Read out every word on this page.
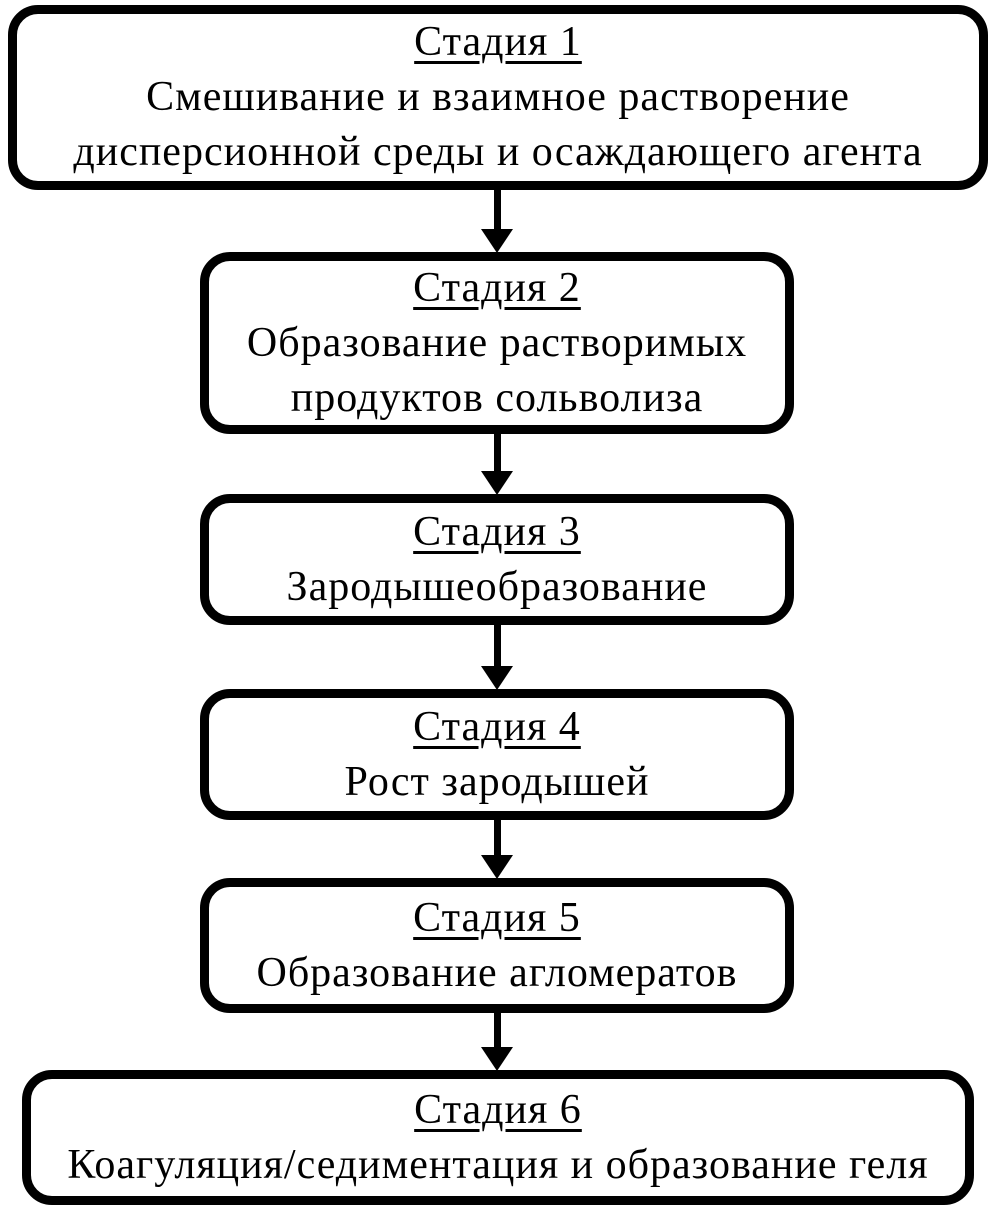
Стадия 1
Смешивание и взаимное растворение
дисперсионной среды и осаждающего агента
Стадия 2
Образование растворимых
продуктов сольволиза
Стадия 3
Зародышеобразование
Стадия 4
Рост зародышей
Стадия 5
Образование агломератов
Стадия 6
Коагуляция/седиментация и образование геля
